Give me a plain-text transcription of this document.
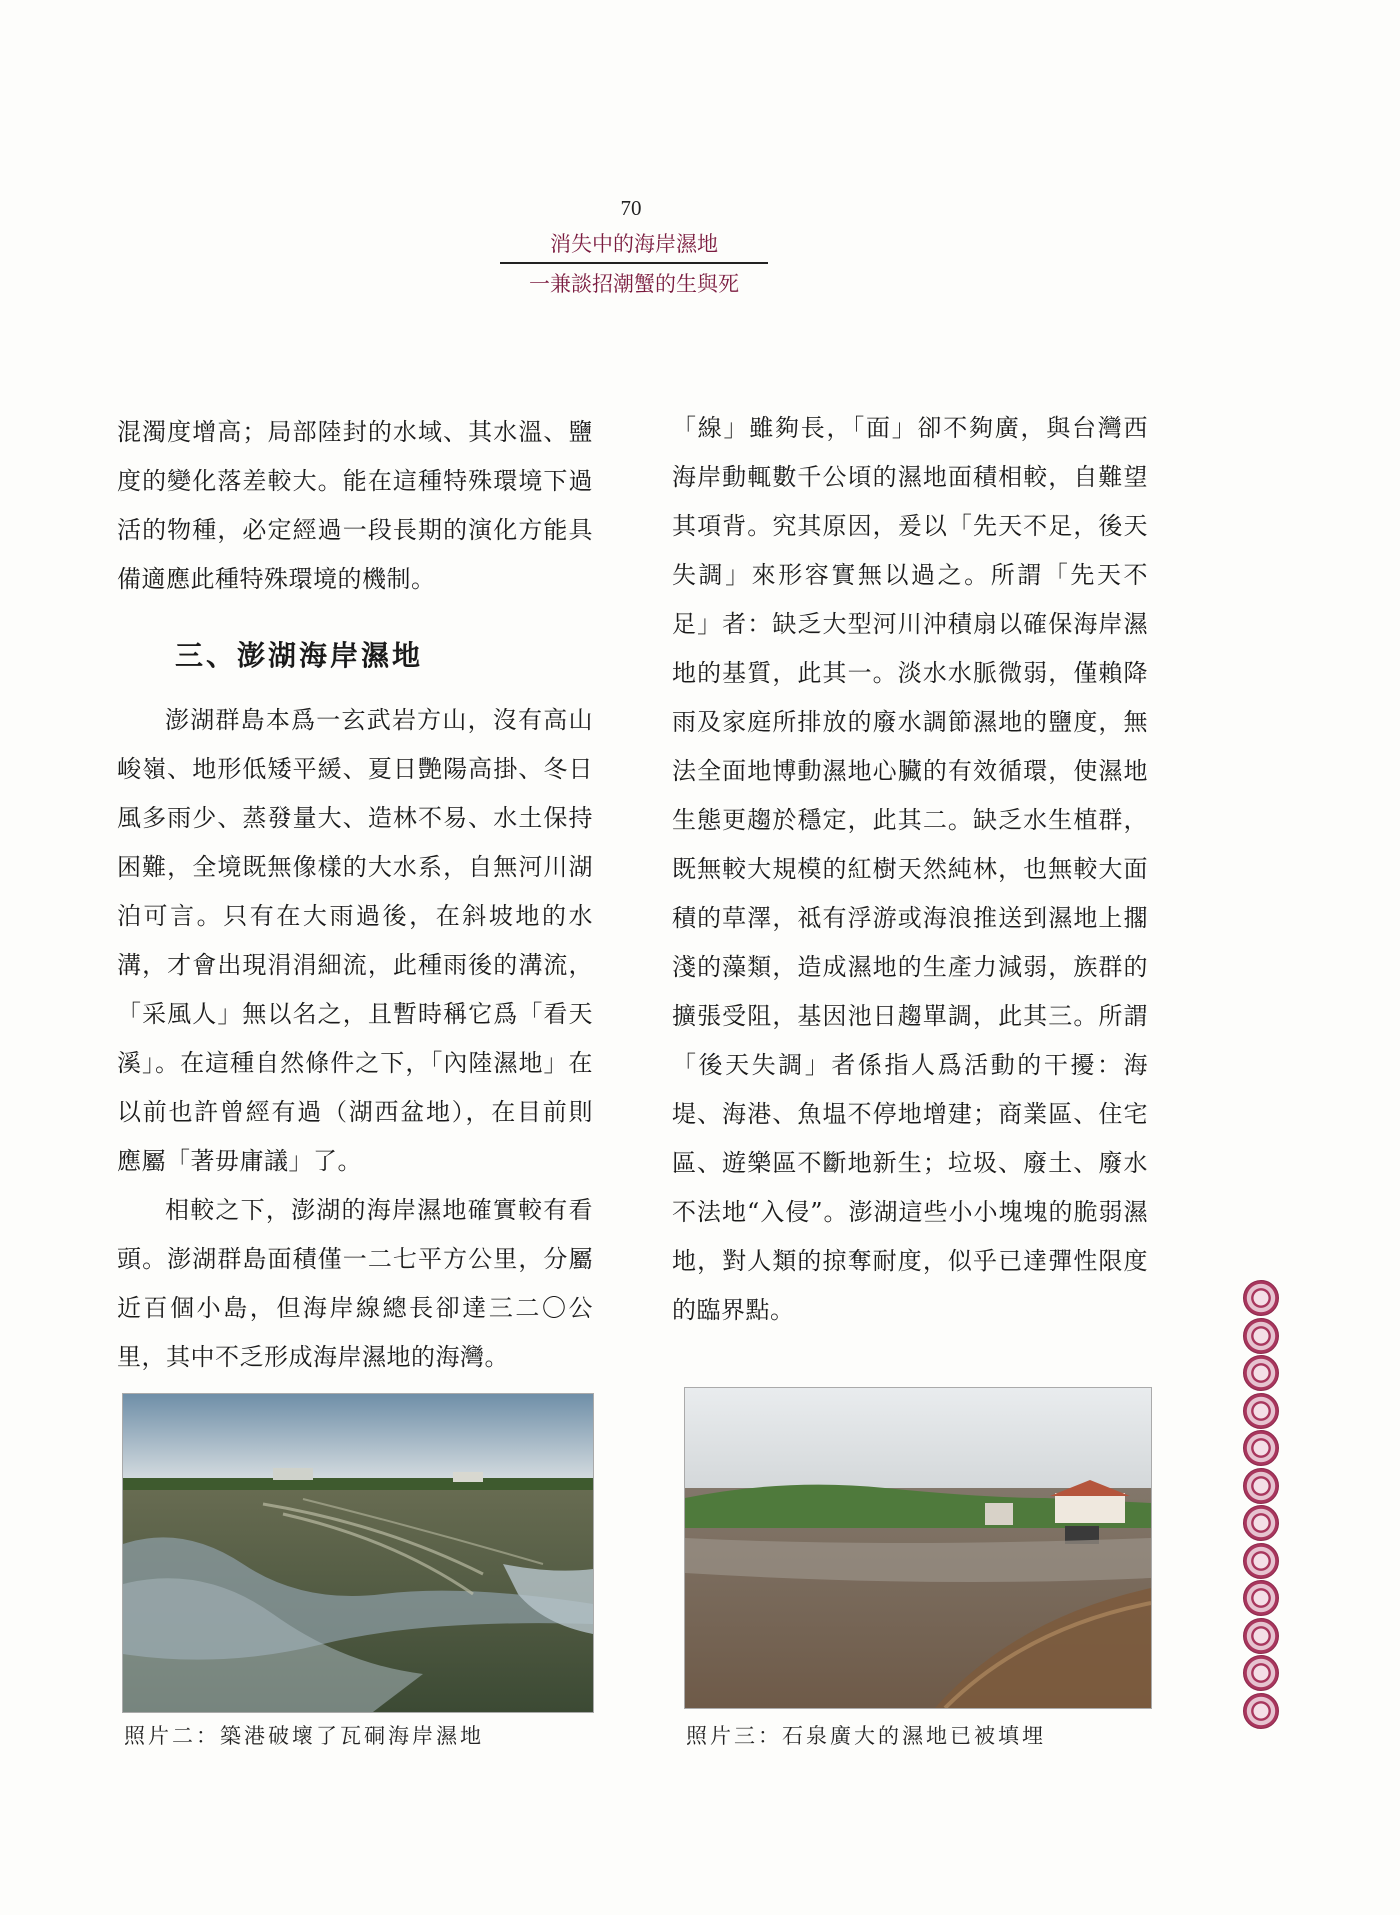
70
消失中的海岸濕地
一兼談招潮蟹的生與死

混濁度增高；局部陸封的水域、其水溫、鹽度的變化落差較大。能在這種特殊環境下過活的物種，必定經過一段長期的演化方能具備適應此種特殊環境的機制。

三、澎湖海岸濕地

澎湖群島本爲一玄武岩方山，沒有高山峻嶺、地形低矮平緩、夏日艷陽高掛、冬日風多雨少、蒸發量大、造林不易、水土保持困難，全境既無像樣的大水系，自無河川湖泊可言。只有在大雨過後，在斜坡地的水溝，才會出現涓涓細流，此種雨後的溝流，「采風人」無以名之，且暫時稱它爲「看天溪」。在這種自然條件之下，「內陸濕地」在以前也許曾經有過（湖西盆地），在目前則應屬「著毋庸議」了。

相較之下，澎湖的海岸濕地確實較有看頭。澎湖群島面積僅一二七平方公里，分屬近百個小島，但海岸線總長卻達三二〇公里，其中不乏形成海岸濕地的海灣。

「線」雖夠長，「面」卻不夠廣，與台灣西海岸動輒數千公頃的濕地面積相較，自難望其項背。究其原因，爰以「先天不足，後天失調」來形容實無以過之。所謂「先天不足」者：缺乏大型河川沖積扇以確保海岸濕地的基質，此其一。淡水水脈微弱，僅賴降雨及家庭所排放的廢水調節濕地的鹽度，無法全面地博動濕地心臟的有效循環，使濕地生態更趨於穩定，此其二。缺乏水生植群，既無較大規模的紅樹天然純林，也無較大面積的草澤，祗有浮游或海浪推送到濕地上擱淺的藻類，造成濕地的生產力減弱，族群的擴張受阻，基因池日趨單調，此其三。所謂「後天失調」者係指人爲活動的干擾：海堤、海港、魚塭不停地增建；商業區、住宅區、遊樂區不斷地新生；垃圾、廢土、廢水不法地“入侵”。澎湖這些小小塊塊的脆弱濕地，對人類的掠奪耐度，似乎已達彈性限度的臨界點。

照片二：築港破壞了瓦硐海岸濕地	照片三：石泉廣大的濕地已被填埋
